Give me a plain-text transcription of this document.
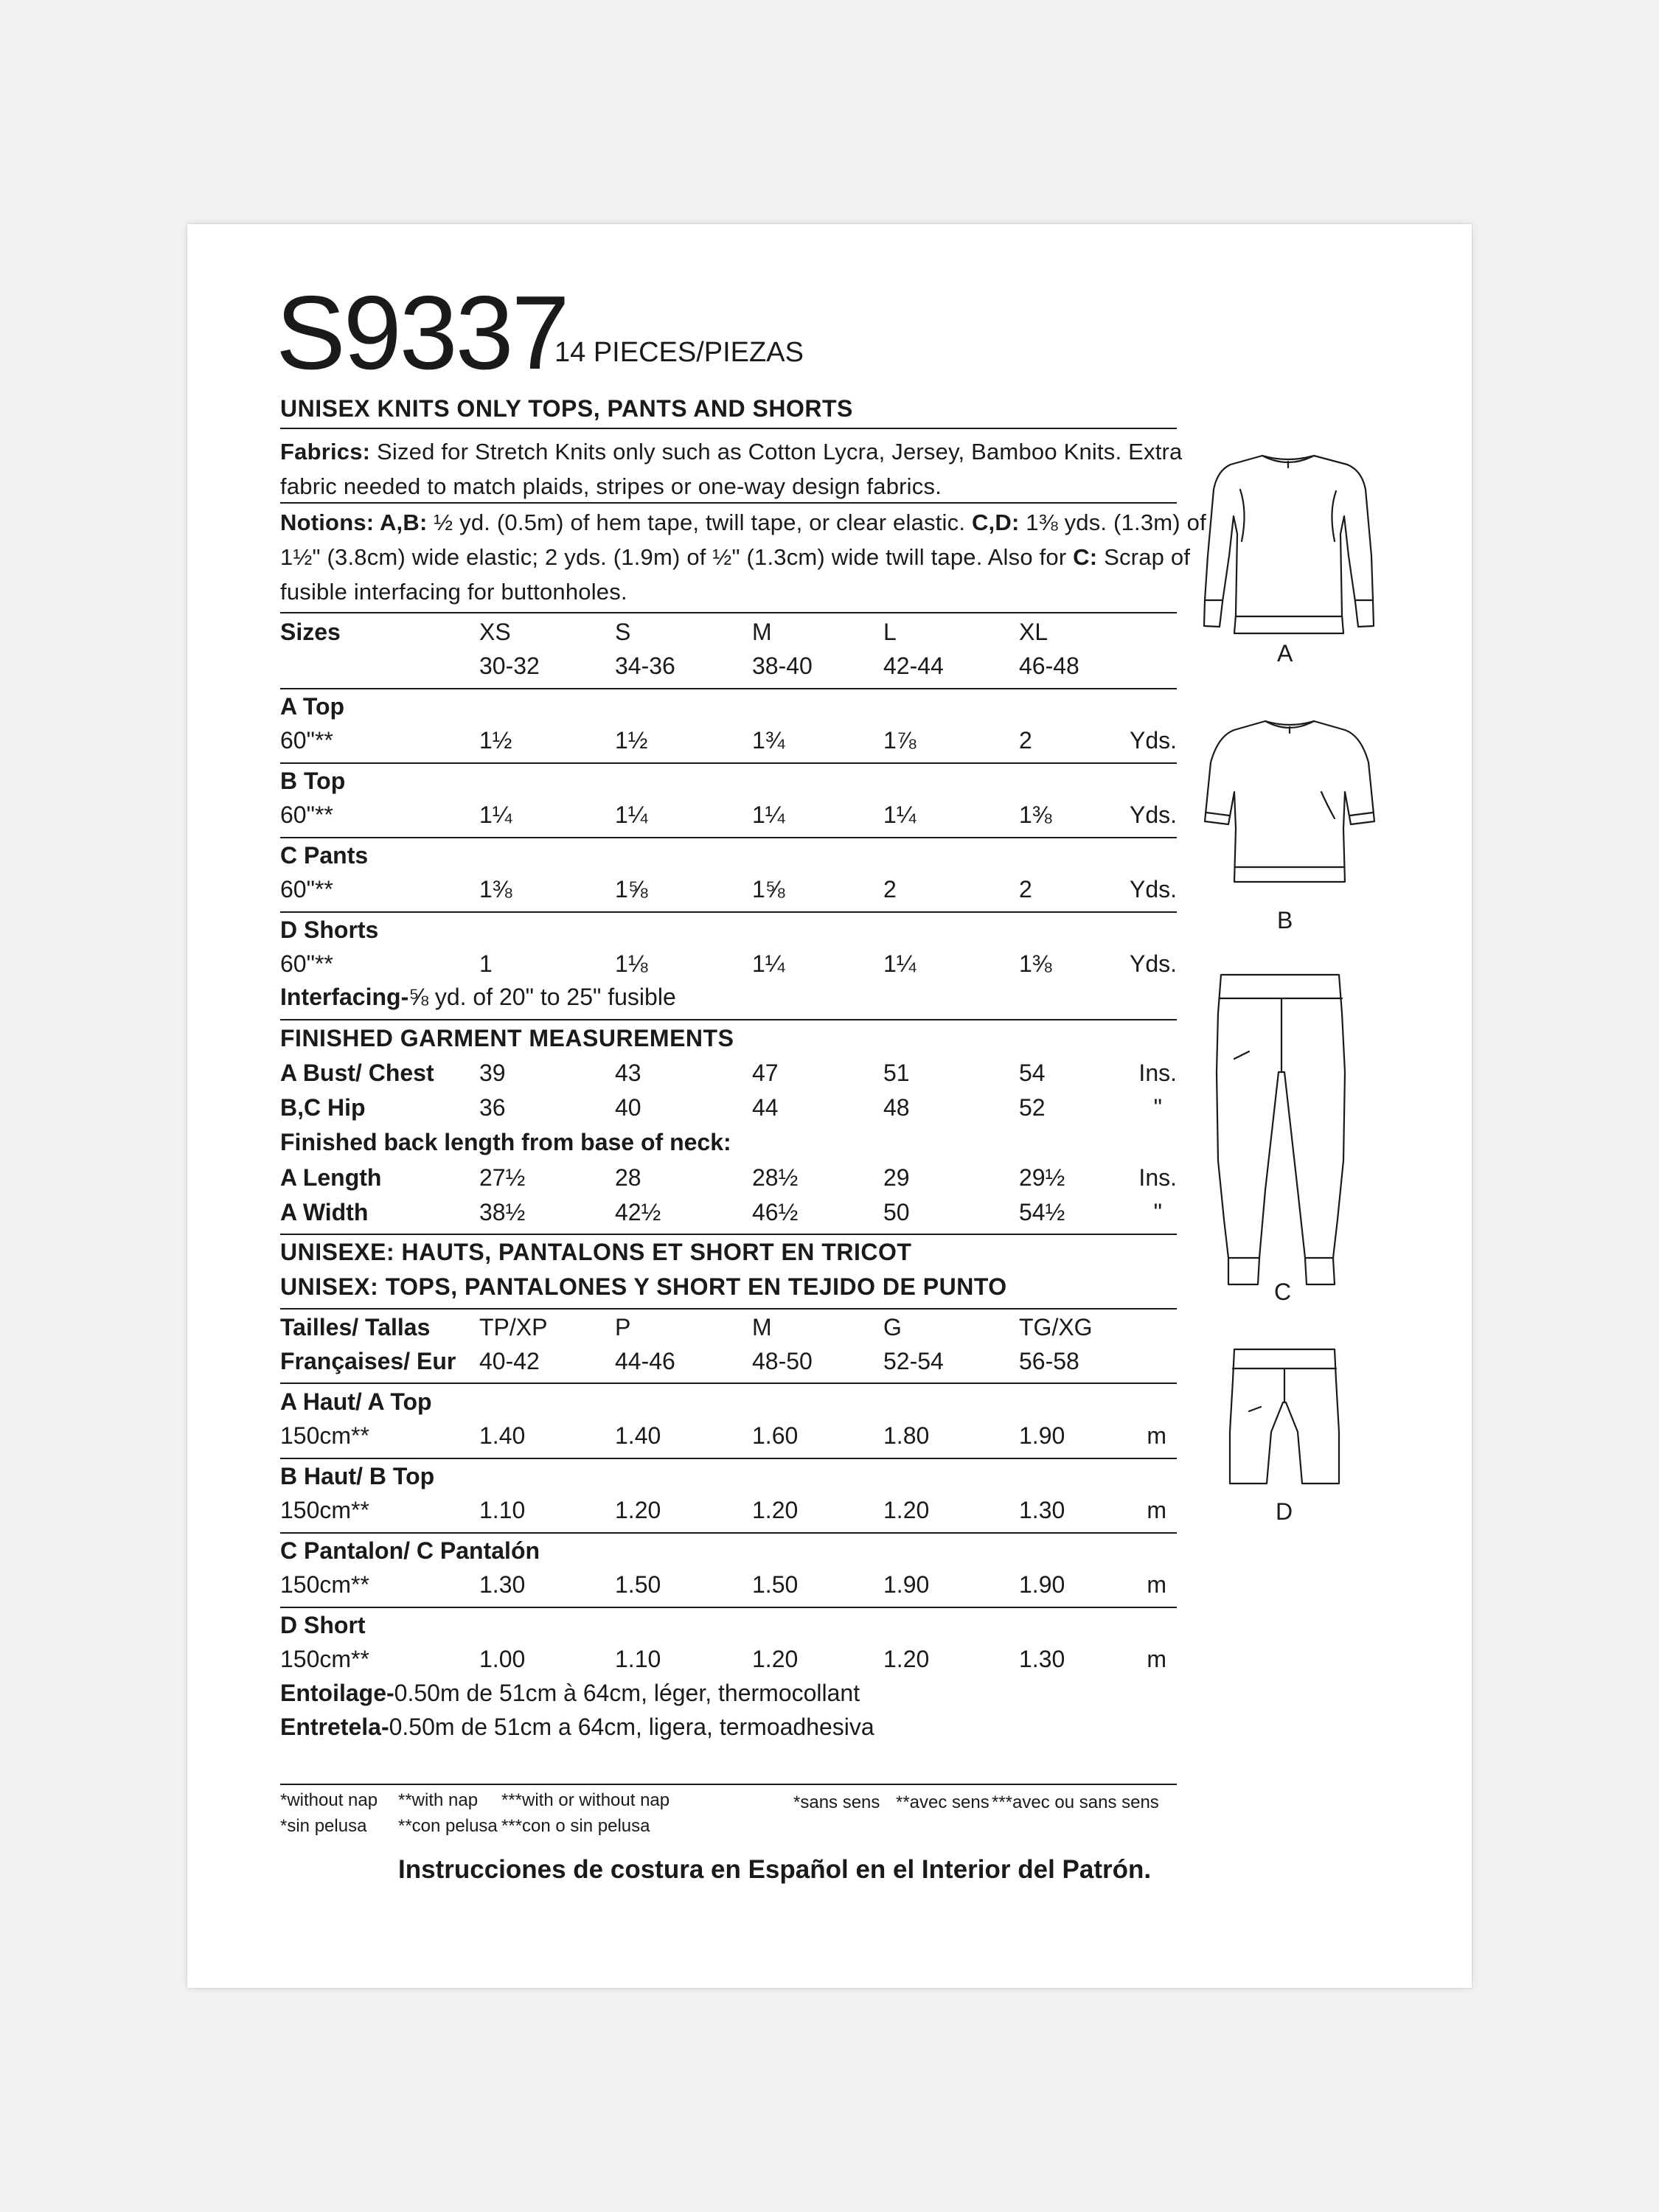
S9337
14 PIECES/PIEZAS
UNISEX KNITS ONLY TOPS, PANTS AND SHORTS
Fabrics: Sized for Stretch Knits only such as Cotton Lycra, Jersey, Bamboo Knits. Extra
fabric needed to match plaids, stripes or one-way design fabrics.
Notions: A,B: ½ yd. (0.5m) of hem tape, twill tape, or clear elastic. C,D: 1⅜ yds. (1.3m) of
1½" (3.8cm) wide elastic; 2 yds. (1.9m) of ½" (1.3cm) wide twill tape. Also for C: Scrap of
fusible interfacing for buttonholes.
Sizes	XS	S	M	L	XL
30-32	34-36	38-40	42-44	46-48
A Top
60"**	1½	1½	1¾	1⅞	2	Yds.
B Top
60"**	1¼	1¼	1¼	1¼	1⅜	Yds.
C Pants
60"**	1⅜	1⅝	1⅝	2	2	Yds.
D Shorts
60"**	1	1⅛	1¼	1¼	1⅜	Yds.
Interfacing- ⅝ yd. of 20" to 25" fusible
FINISHED GARMENT MEASUREMENTS
A Bust/ Chest 39	43	47	51	54	Ins.
B,C Hip	36	40	44	48	52	"
Finished back length from base of neck:
A Length	27½	28	28½	29	29½	Ins.
A Width	38½	42½	46½	50	54½	"
UNISEXE: HAUTS, PANTALONS ET SHORT EN TRICOT
UNISEX: TOPS, PANTALONES Y SHORT EN TEJIDO DE PUNTO
Tailles/ Tallas TP/XP	P	M	G	TG/XG
Françaises/ Eur 40-42	44-46	48-50	52-54	56-58
A Haut/ A Top
150cm**	1.40	1.40	1.60	1.80	1.90	m
B Haut/ B Top
150cm**	1.10	1.20	1.20	1.20	1.30	m
C Pantalon/ C Pantalón
150cm**	1.30	1.50	1.50	1.90	1.90	m
D Short
150cm**	1.00	1.10	1.20	1.20	1.30	m
Entoilage- 0.50m de 51cm à 64cm, léger, thermocollant
Entretela- 0.50m de 51cm a 64cm, ligera, termoadhesiva
*without nap **with nap ***with or without nap
*sin pelusa **con pelusa ***con o sin pelusa
*sans sens **avec sens ***avec ou sans sens
Instrucciones de costura en Español en el Interior del Patrón.
A
B
C
D
